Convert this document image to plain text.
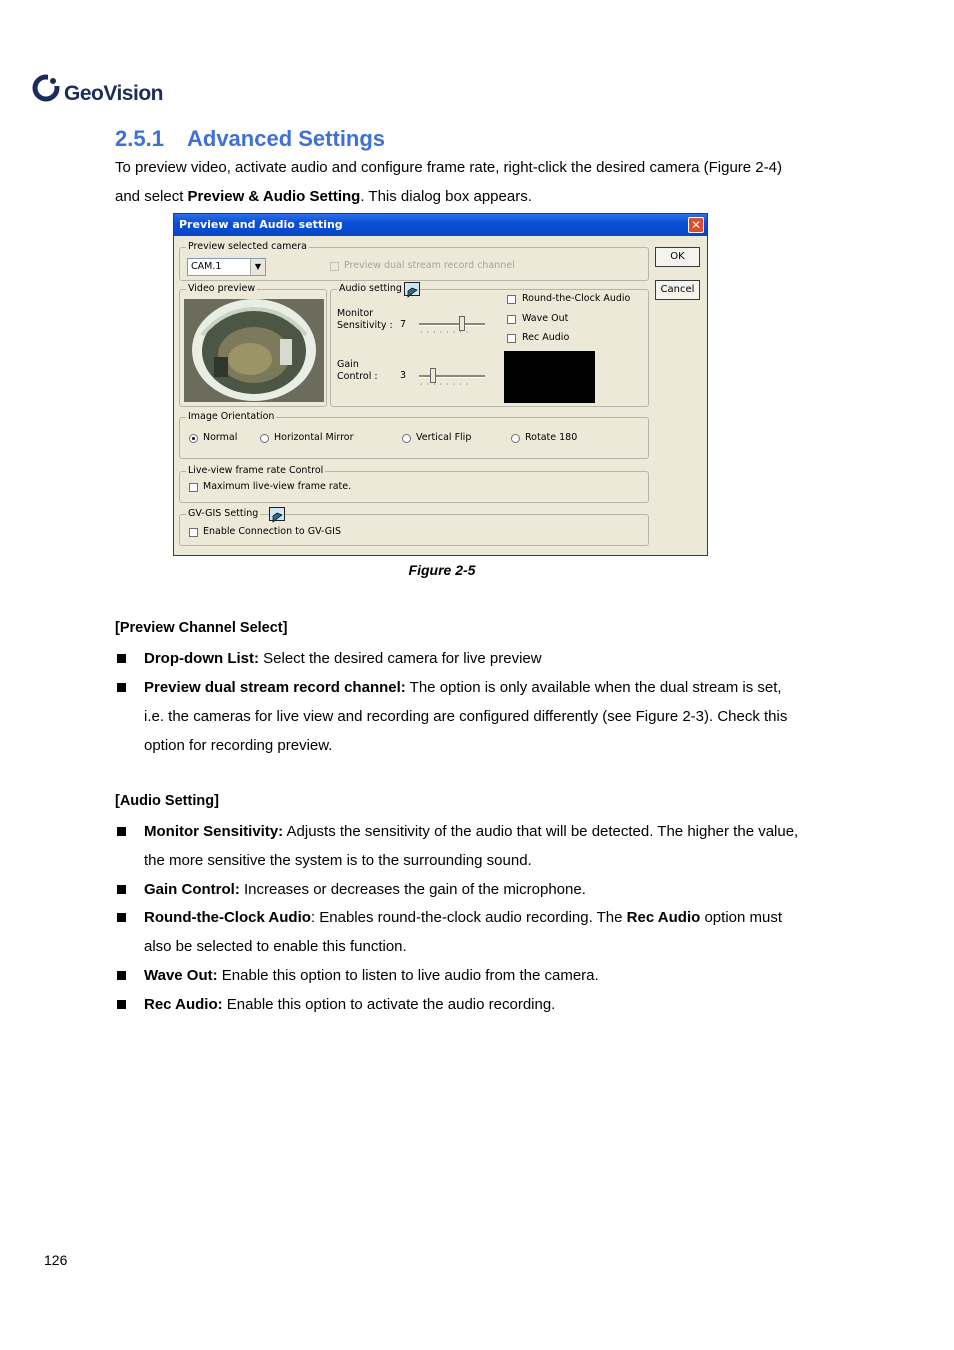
GeoVision
2.5.1 Advanced Settings
To preview video, activate audio and configure frame rate, right-click the desired camera (Figure 2-4)
and select Preview & Audio Setting. This dialog box appears.
Preview and Audio setting	✕
Preview selected camera
CAM.1	▼	Preview dual stream record channel
OK
Cancel
Video preview	Audio setting
Monitor
Sensitivity : 7
········
Gain
Control : 3
········
Round-the-Clock Audio
Wave Out
Rec Audio
Image Orientation
Normal	Horizontal Mirror	Vertical Flip	Rotate 180
Live-view frame rate Control
Maximum live-view frame rate.
GV-GIS Setting
Enable Connection to GV-GIS
Figure 2-5
[Preview Channel Select]
Drop-down List: Select the desired camera for live preview
Preview dual stream record channel: The option is only available when the dual stream is set,
i.e. the cameras for live view and recording are configured differently (see Figure 2-3). Check this
option for recording preview.
[Audio Setting]
Monitor Sensitivity: Adjusts the sensitivity of the audio that will be detected. The higher the value,
the more sensitive the system is to the surrounding sound.
Gain Control: Increases or decreases the gain of the microphone.
Round-the-Clock Audio: Enables round-the-clock audio recording. The Rec Audio option must
also be selected to enable this function.
Wave Out: Enable this option to listen to live audio from the camera.
Rec Audio: Enable this option to activate the audio recording.
126
